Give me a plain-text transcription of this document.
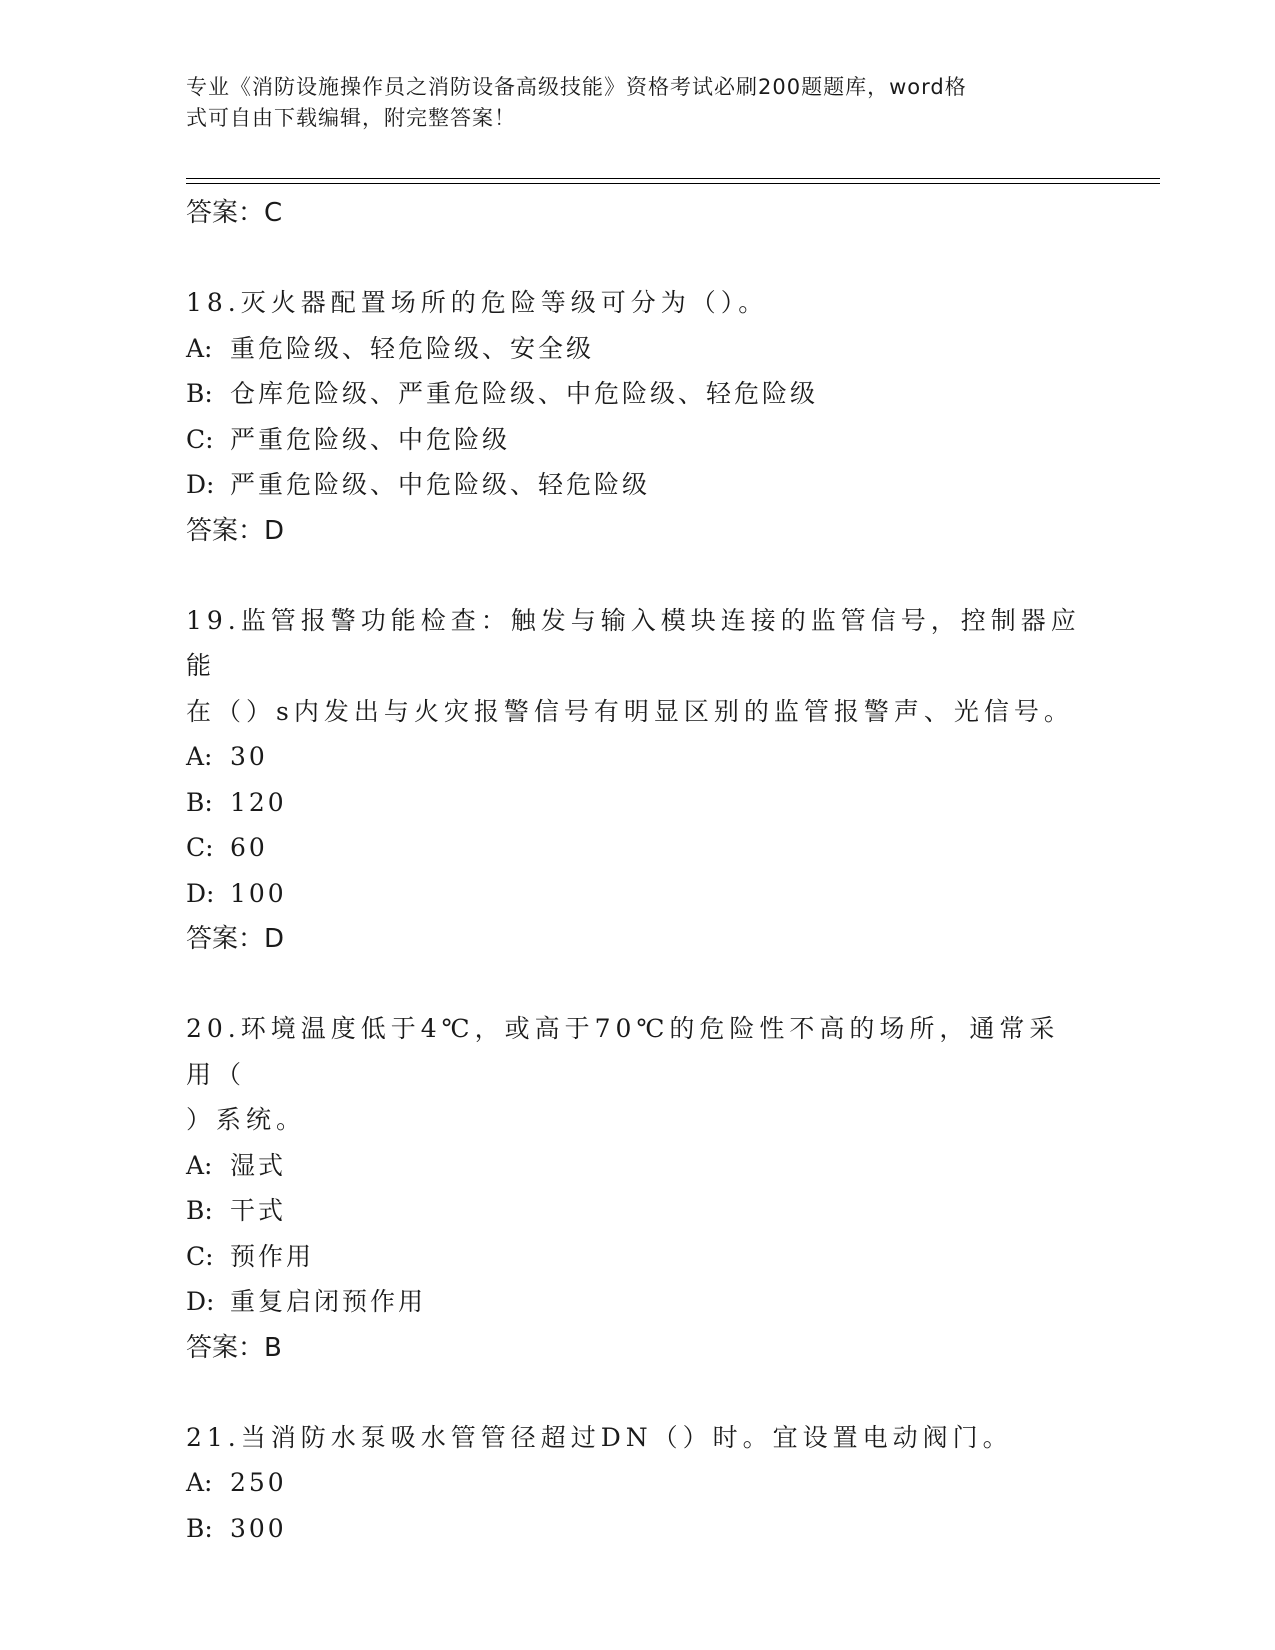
专业《消防设施操作员之消防设备高级技能》资格考试必刷200题题库，word格
式可自由下载编辑，附完整答案！

答案：C

18.灭火器配置场所的危险等级可分为（）。

A: 重危险级、轻危险级、安全级

B: 仓库危险级、严重危险级、中危险级、轻危险级

C: 严重危险级、中危险级

D: 严重危险级、中危险级、轻危险级

答案：D

19.监管报警功能检查：触发与输入模块连接的监管信号，控制器应能
在（）s内发出与火灾报警信号有明显区别的监管报警声、光信号。

A: 30

B: 120

C: 60

D: 100

答案：D

20.环境温度低于4℃，或高于70℃的危险性不高的场所，通常采用（
）系统。

A: 湿式

B: 干式

C: 预作用

D: 重复启闭预作用

答案：B

21.当消防水泵吸水管管径超过DN（）时。宜设置电动阀门。

A: 250

B: 300
